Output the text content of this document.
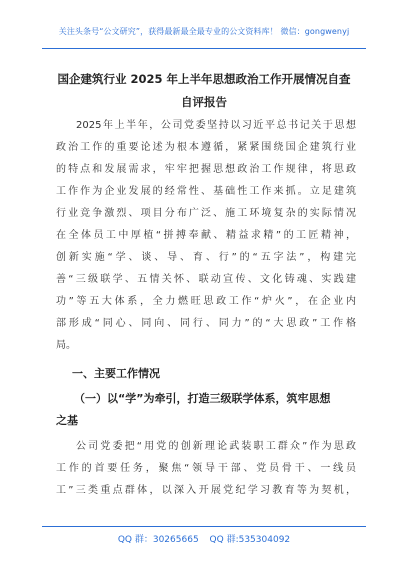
关注头条号“公文研究”，获得最新最全最专业的公文资料库！ 微信：gongwenyj
国企建筑行业 2025 年上半年思想政治工作开展情况自查
自评报告
2025年上半年，公司党委坚持以习近平总书记关于思想
政治工作的重要论述为根本遵循，紧紧围绕国企建筑行业
的特点和发展需求，牢牢把握思想政治工作规律，将思政
工作作为企业发展的经常性、基础性工作来抓。立足建筑
行业竞争激烈、项目分布广泛、施工环境复杂的实际情况
在全体员工中厚植“拼搏奉献、精益求精”的工匠精神，
创新实施“学、谈、导、育、行”的“五字法”，构建完
善“三级联学、五情关怀、联动宣传、文化铸魂、实践建
功”等五大体系，全力燃旺思政工作“炉火”，在企业内
部形成“同心、同向、同行、同力”的“大思政”工作格
局。
一、主要工作情况
（一）以“学”为牵引，打造三级联学体系，筑牢思想
之基
公司党委把“用党的创新理论武装职工群众”作为思政
工作的首要任务，聚焦“领导干部、党员骨干、一线员
工”三类重点群体，以深入开展党纪学习教育等为契机，
QQ 群：30265665 QQ 群:535304092
